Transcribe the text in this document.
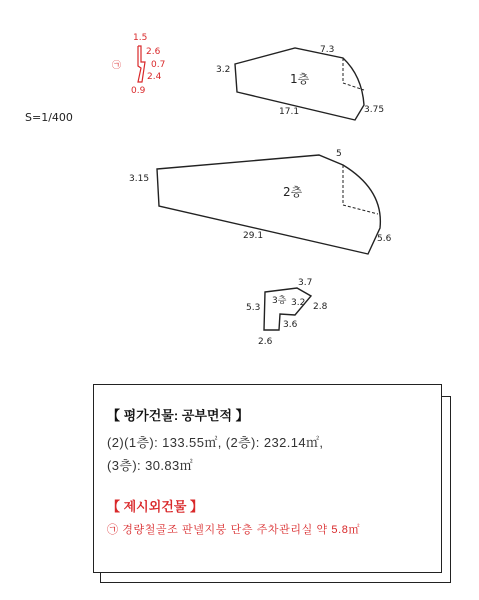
㉠
1.5
2.6
0.7
2.4
0.9
1층
7.3
3.2
3.75
17.1
S=1/400
2층
5
3.15
5.6
29.1
3층
3.7
3.2 2.8
5.3
3.6
2.6
【 평가건물: 공부면적 】
(2)(1층): 133.55㎡, (2층): 232.14㎡,
(3층): 30.83㎡
【 제시외건물 】
㉠ 경량철골조 판넬지붕 단층 주차관리실 약 5.8㎡
